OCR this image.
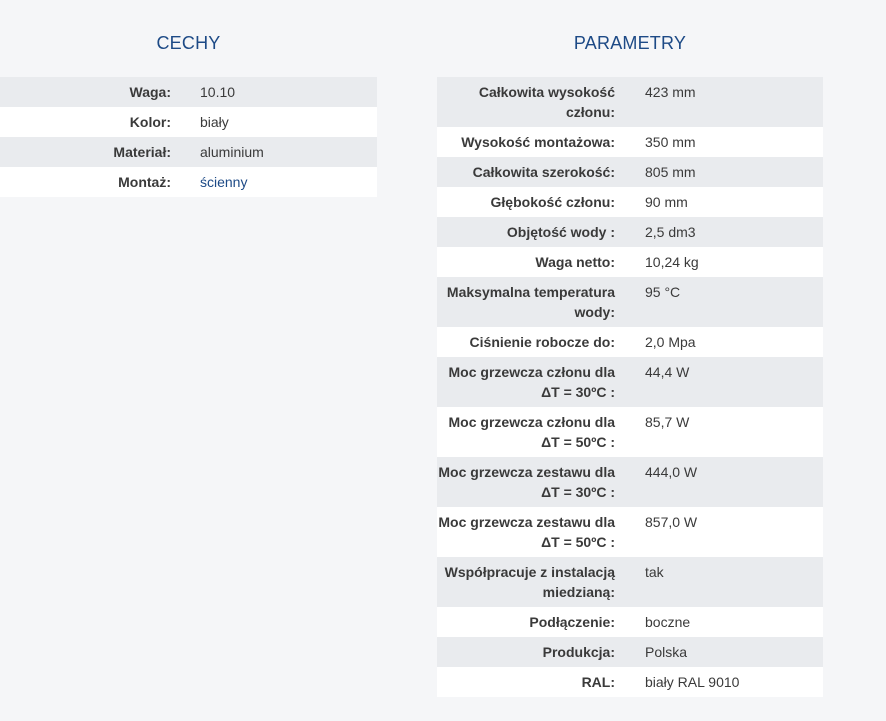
CECHY
Waga:	10.10
Kolor:	biały
Materiał:	aluminium
Montaż:	ścienny
PARAMETRY
Całkowita wysokość członu:	423 mm
Wysokość montażowa:	350 mm
Całkowita szerokość:	805 mm
Głębokość członu:	90 mm
Objętość wody :	2,5 dm3
Waga netto:	10,24 kg
Maksymalna temperatura wody:	95 °C
Ciśnienie robocze do:	2,0 Mpa
Moc grzewcza członu dla ΔT = 30ºC :	44,4 W
Moc grzewcza członu dla ΔT = 50ºC :	85,7 W
Moc grzewcza zestawu dla ΔT = 30ºC :	444,0 W
Moc grzewcza zestawu dla ΔT = 50ºC :	857,0 W
Współpracuje z instalacją miedzianą:	tak
Podłączenie:	boczne
Produkcja:	Polska
RAL:	biały RAL 9010
